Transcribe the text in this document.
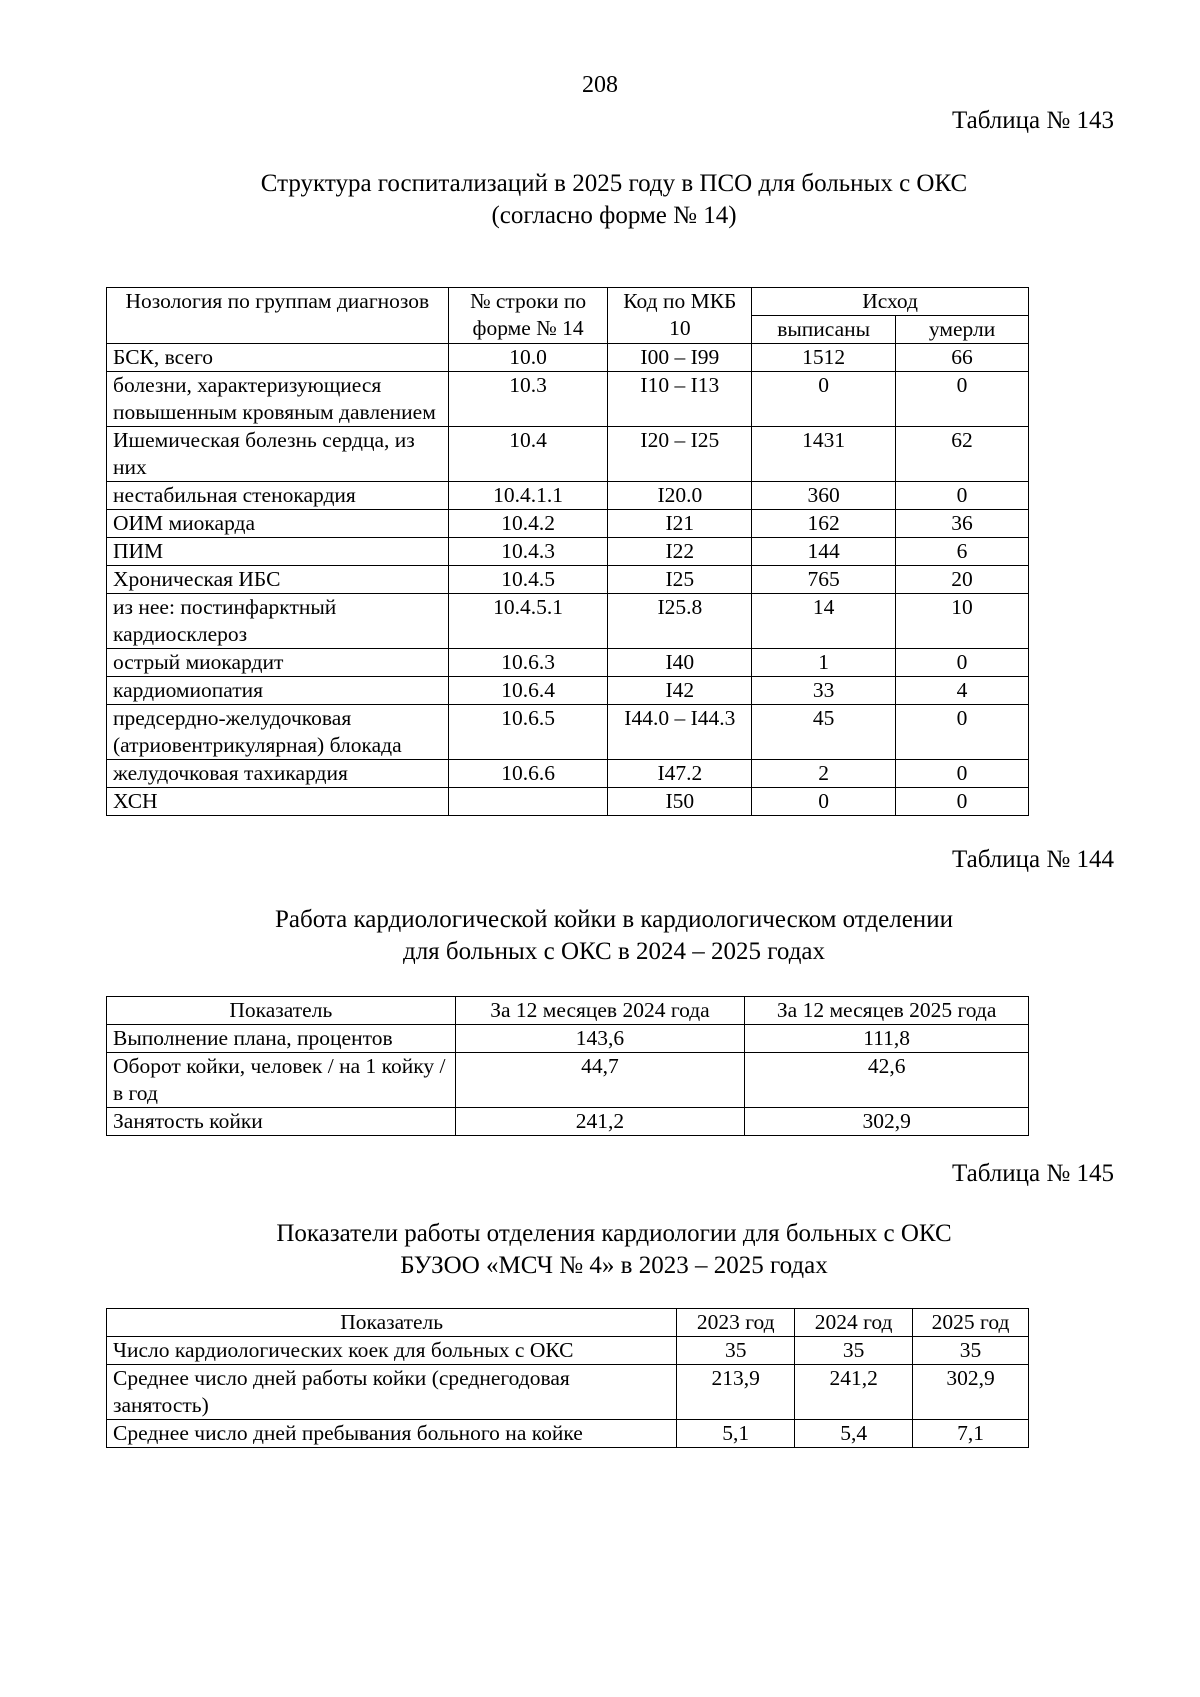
208
Таблица № 143
Структура госпитализаций в 2025 году в ПСО для больных с ОКС
(согласно форме № 14)
Нозология по группам диагнозов	№ строки по форме № 14	Код по МКБ 10	Исход	
			выписаны	умерли
БСК, всего	10.0	I00 – I99	1512	66
болезни, характеризующиеся повышенным кровяным давлением	10.3	I10 – I13	0	0
Ишемическая болезнь сердца, из них	10.4	I20 – I25	1431	62
нестабильная стенокардия	10.4.1.1	I20.0	360	0
ОИМ миокарда	10.4.2	I21	162	36
ПИМ	10.4.3	I22	144	6
Хроническая ИБС	10.4.5	I25	765	20
из нее: постинфарктный кардиосклероз	10.4.5.1	I25.8	14	10
острый миокардит	10.6.3	I40	1	0
кардиомиопатия	10.6.4	I42	33	4
предсердно-желудочковая (атриовентрикулярная) блокада	10.6.5	I44.0 – I44.3	45	0
желудочковая тахикардия	10.6.6	I47.2	2	0
ХСН		I50	0	0
Таблица № 144
Работа кардиологической койки в кардиологическом отделении
для больных с ОКС в 2024 – 2025 годах
Показатель	За 12 месяцев 2024 года	За 12 месяцев 2025 года
Выполнение плана, процентов	143,6	111,8
Оборот койки, человек / на 1 койку / в год	44,7	42,6
Занятость койки	241,2	302,9
Таблица № 145
Показатели работы отделения кардиологии для больных с ОКС
БУЗОО «МСЧ № 4» в 2023 – 2025 годах
Показатель	2023 год	2024 год	2025 год
Число кардиологических коек для больных с ОКС	35	35	35
Среднее число дней работы койки (среднегодовая занятость)	213,9	241,2	302,9
Среднее число дней пребывания больного на койке	5,1	5,4	7,1
